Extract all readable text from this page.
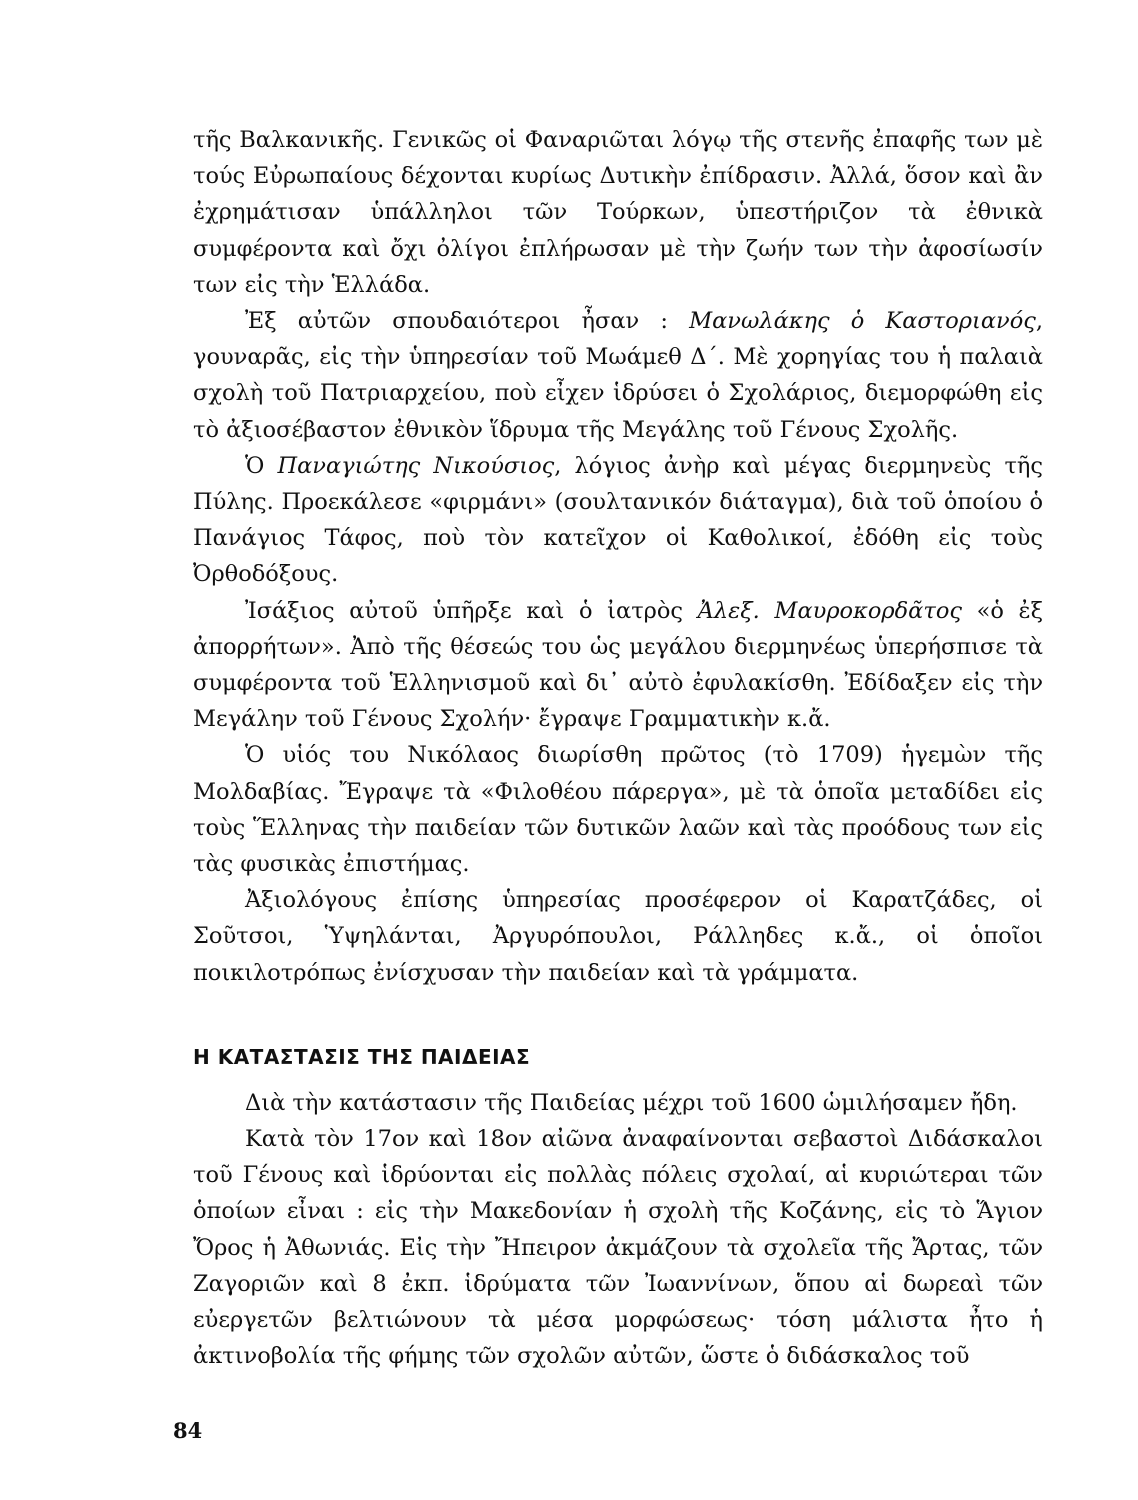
τῆς Βαλκανικῆς. Γενικῶς οἱ Φαναριῶται λόγῳ τῆς στενῆς ἐπαφῆς των μὲ τούς Εὐρωπαίους δέχονται κυρίως Δυτικὴν ἐπίδρασιν. Ἀλλά, ὅσον καὶ ἂν ἐχρημάτισαν ὑπάλληλοι τῶν Τούρκων, ὑπεστήριζον τὰ ἐθνικὰ συμφέροντα καὶ ὄχι ὀλίγοι ἐπλήρωσαν μὲ τὴν ζωήν των τὴν ἀφοσίωσίν των εἰς τὴν Ἑλλάδα.

Ἐξ αὐτῶν σπουδαιότεροι ἦσαν : Μανωλάκης ὁ Καστοριανός, γουναρᾶς, εἰς τὴν ὑπηρεσίαν τοῦ Μωάμεθ Δ΄. Μὲ χορηγίας του ἡ παλαιὰ σχολὴ τοῦ Πατριαρχείου, ποὺ εἶχεν ἱδρύσει ὁ Σχολάριος, διεμορφώθη εἰς τὸ ἀξιοσέβαστον ἐθνικὸν ἵδρυμα τῆς Μεγάλης τοῦ Γένους Σχολῆς.

Ὁ Παναγιώτης Νικούσιος, λόγιος ἀνὴρ καὶ μέγας διερμηνεὺς τῆς Πύλης. Προεκάλεσε «φιρμάνι» (σουλτανικόν διάταγμα), διὰ τοῦ ὁποίου ὁ Πανάγιος Τάφος, ποὺ τὸν κατεῖχον οἱ Καθολικοί, ἐδόθη εἰς τοὺς Ὀρθοδόξους.

Ἰσάξιος αὐτοῦ ὑπῆρξε καὶ ὁ ἰατρὸς Ἀλεξ. Μαυροκορδᾶτος «ὁ ἐξ ἀπορρήτων». Ἀπὸ τῆς θέσεώς του ὡς μεγάλου διερμηνέως ὑπερήσπισε τὰ συμφέροντα τοῦ Ἑλληνισμοῦ καὶ δι᾽ αὐτὸ ἐφυλακίσθη. Ἐδίδαξεν εἰς τὴν Μεγάλην τοῦ Γένους Σχολήν· ἔγραψε Γραμματικὴν κ.ἄ.

Ὁ υἱός του Νικόλαος διωρίσθη πρῶτος (τὸ 1709) ἡγεμὼν τῆς Μολδαβίας. Ἔγραψε τὰ «Φιλοθέου πάρεργα», μὲ τὰ ὁποῖα μεταδίδει εἰς τοὺς Ἕλληνας τὴν παιδείαν τῶν δυτικῶν λαῶν καὶ τὰς προόδους των εἰς τὰς φυσικὰς ἐπιστήμας.

Ἀξιολόγους ἐπίσης ὑπηρεσίας προσέφερον οἱ Καρατζάδες, οἱ Σοῦτσοι, Ὑψηλάνται, Ἀργυρόπουλοι, Ράλληδες κ.ἄ., οἱ ὁποῖοι ποικιλοτρόπως ἐνίσχυσαν τὴν παιδείαν καὶ τὰ γράμματα.

Η ΚΑΤΑΣΤΑΣΙΣ ΤΗΣ ΠΑΙΔΕΙΑΣ

Διὰ τὴν κατάστασιν τῆς Παιδείας μέχρι τοῦ 1600 ὡμιλήσαμεν ἤδη.

Κατὰ τὸν 17ον καὶ 18ον αἰῶνα ἀναφαίνονται σεβαστοὶ Διδάσκαλοι τοῦ Γένους καὶ ἱδρύονται εἰς πολλὰς πόλεις σχολαί, αἱ κυριώτεραι τῶν ὁποίων εἶναι : εἰς τὴν Μακεδονίαν ἡ σχολὴ τῆς Κοζάνης, εἰς τὸ Ἅγιον Ὄρος ἡ Ἀθωνιάς. Εἰς τὴν Ἤπειρον ἀκμάζουν τὰ σχολεῖα τῆς Ἄρτας, τῶν Ζαγοριῶν καὶ 8 ἐκπ. ἱδρύματα τῶν Ἰωαννίνων, ὅπου αἱ δωρεαὶ τῶν εὐεργετῶν βελτιώνουν τὰ μέσα μορφώσεως· τόση μάλιστα ἦτο ἡ ἀκτινοβολία τῆς φήμης τῶν σχολῶν αὐτῶν, ὥστε ὁ διδάσκαλος τοῦ

84
